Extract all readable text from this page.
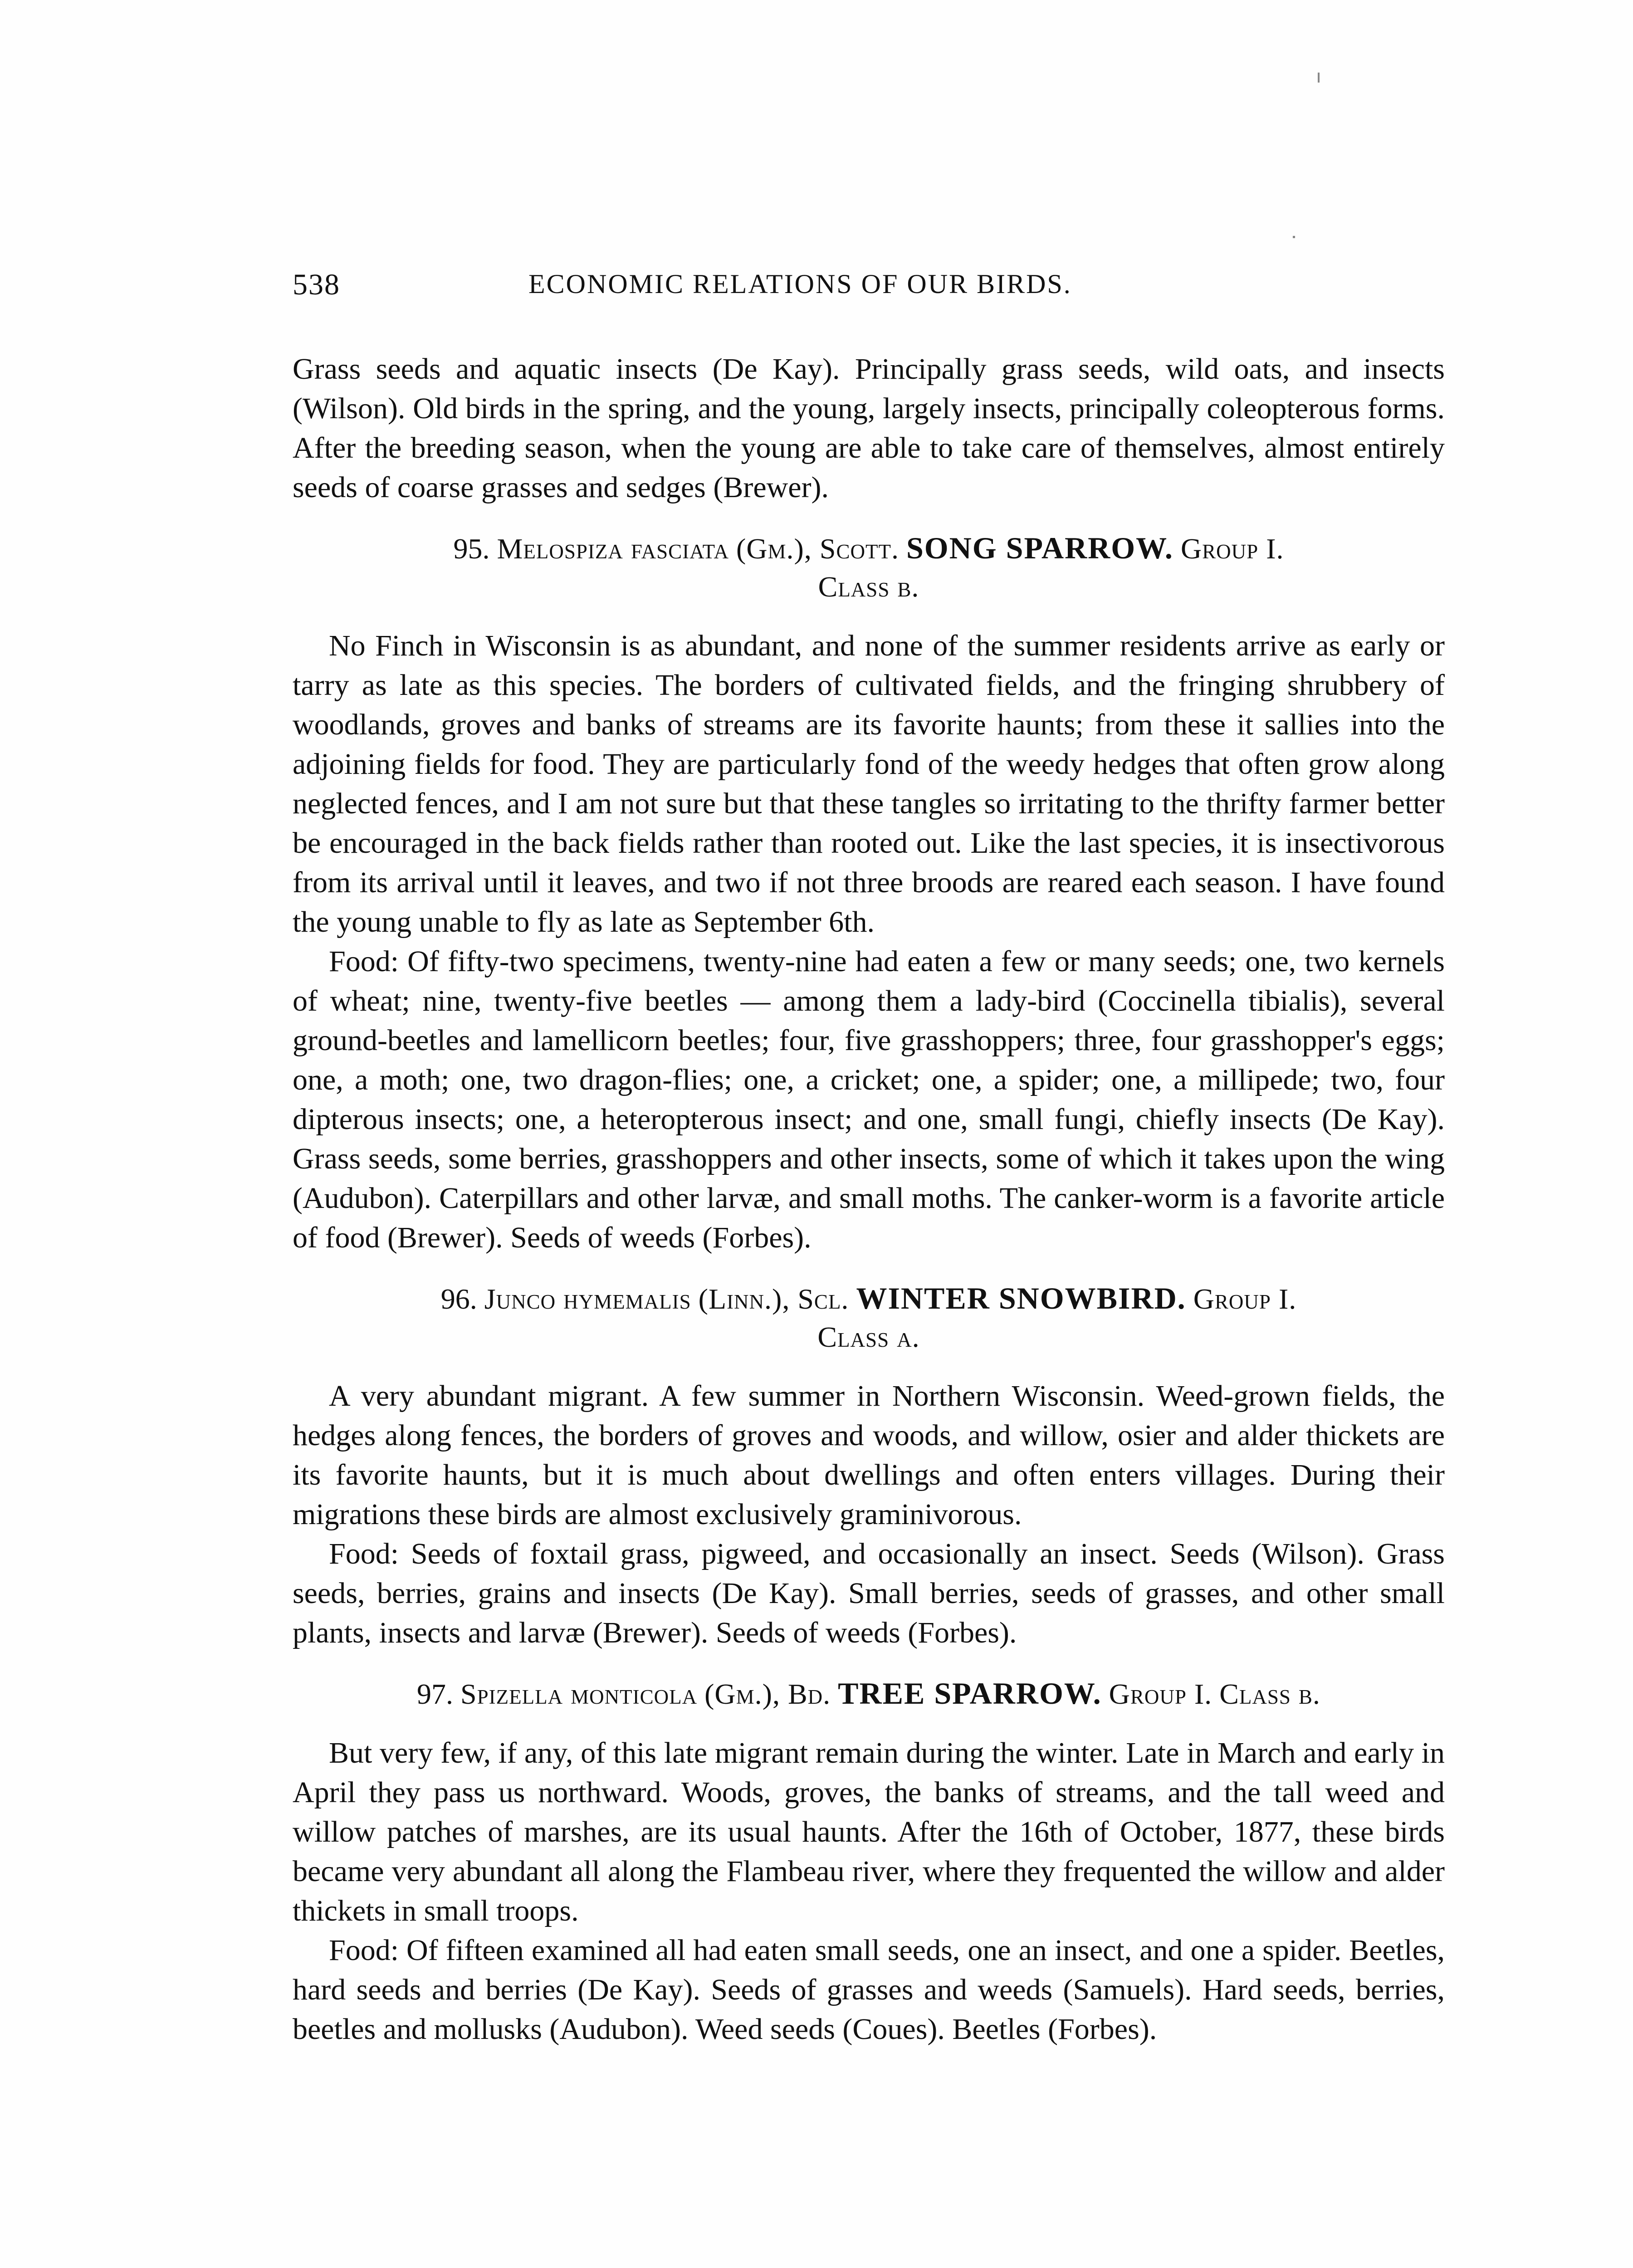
538	ECONOMIC RELATIONS OF OUR BIRDS.

Grass seeds and aquatic insects (De Kay). Principally grass seeds, wild oats, and insects (Wilson). Old birds in the spring, and the young, largely insects, principally coleopterous forms. After the breeding season, when the young are able to take care of themselves, almost entirely seeds of coarse grasses and sedges (Brewer).

95. Melospiza fasciata (Gm.), Scott. SONG SPARROW. Group I.
Class b.

No Finch in Wisconsin is as abundant, and none of the summer residents arrive as early or tarry as late as this species. The borders of cultivated fields, and the fringing shrubbery of woodlands, groves and banks of streams are its favorite haunts; from these it sallies into the adjoining fields for food. They are particularly fond of the weedy hedges that often grow along neglected fences, and I am not sure but that these tangles so irritating to the thrifty farmer better be encouraged in the back fields rather than rooted out. Like the last species, it is insectivorous from its arrival until it leaves, and two if not three broods are reared each season. I have found the young unable to fly as late as September 6th.

Food: Of fifty-two specimens, twenty-nine had eaten a few or many seeds; one, two kernels of wheat; nine, twenty-five beetles — among them a lady-bird (Coccinella tibialis), several ground-beetles and lamellicorn beetles; four, five grasshoppers; three, four grasshopper's eggs; one, a moth; one, two dragon-flies; one, a cricket; one, a spider; one, a millipede; two, four dipterous insects; one, a heteropterous insect; and one, small fungi, chiefly insects (De Kay). Grass seeds, some berries, grasshoppers and other insects, some of which it takes upon the wing (Audubon). Caterpillars and other larvæ, and small moths. The canker-worm is a favorite article of food (Brewer). Seeds of weeds (Forbes).

96. Junco hymemalis (Linn.), Scl. WINTER SNOWBIRD. Group I.
Class a.

A very abundant migrant. A few summer in Northern Wisconsin. Weed-grown fields, the hedges along fences, the borders of groves and woods, and willow, osier and alder thickets are its favorite haunts, but it is much about dwellings and often enters villages. During their migrations these birds are almost exclusively graminivorous.

Food: Seeds of foxtail grass, pigweed, and occasionally an insect. Seeds (Wilson). Grass seeds, berries, grains and insects (De Kay). Small berries, seeds of grasses, and other small plants, insects and larvæ (Brewer). Seeds of weeds (Forbes).

97. Spizella monticola (Gm.), Bd. TREE SPARROW. Group I. Class b.

But very few, if any, of this late migrant remain during the winter. Late in March and early in April they pass us northward. Woods, groves, the banks of streams, and the tall weed and willow patches of marshes, are its usual haunts. After the 16th of October, 1877, these birds became very abundant all along the Flambeau river, where they frequented the willow and alder thickets in small troops.

Food: Of fifteen examined all had eaten small seeds, one an insect, and one a spider. Beetles, hard seeds and berries (De Kay). Seeds of grasses and weeds (Samuels). Hard seeds, berries, beetles and mollusks (Audubon). Weed seeds (Coues). Beetles (Forbes).
